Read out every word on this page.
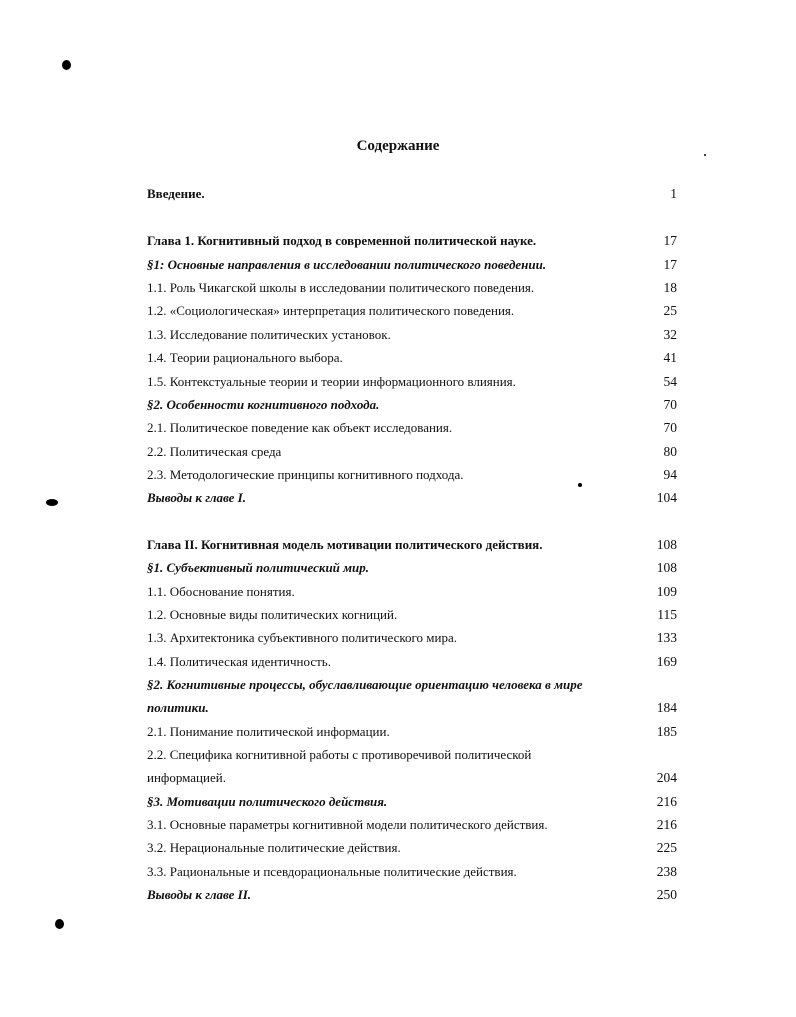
Содержание
Введение.	1
Глава 1. Когнитивный подход в современной политической науке.	17
§1: Основные направления в исследовании политического поведении.	17
1.1. Роль Чикагской школы в исследовании политического поведения.	18
1.2. «Социологическая» интерпретация политического поведения.	25
1.3. Исследование политических установок.	32
1.4. Теории рационального выбора.	41
1.5. Контекстуальные теории и теории информационного влияния.	54
§2. Особенности когнитивного подхода.	70
2.1. Политическое поведение как объект исследования.	70
2.2. Политическая среда	80
2.3. Методологические принципы когнитивного подхода.	94
Выводы к главе I.	104
Глава II. Когнитивная модель мотивации политического действия.	108
§1. Субъективный политический мир.	108
1.1. Обоснование понятия.	109
1.2. Основные виды политических когниций.	115
1.3. Архитектоника субъективного политического мира.	133
1.4. Политическая идентичность.	169
§2. Когнитивные процессы, обуславливающие ориентацию человека в мире
политики.	184
2.1. Понимание политической информации.	185
2.2. Специфика когнитивной работы с противоречивой политической
информацией.	204
§3. Мотивации политического действия.	216
3.1. Основные параметры когнитивной модели политического действия.	216
3.2. Нерациональные политические действия.	225
3.3. Рациональные и псевдорациональные политические действия.	238
Выводы к главе II.	250
